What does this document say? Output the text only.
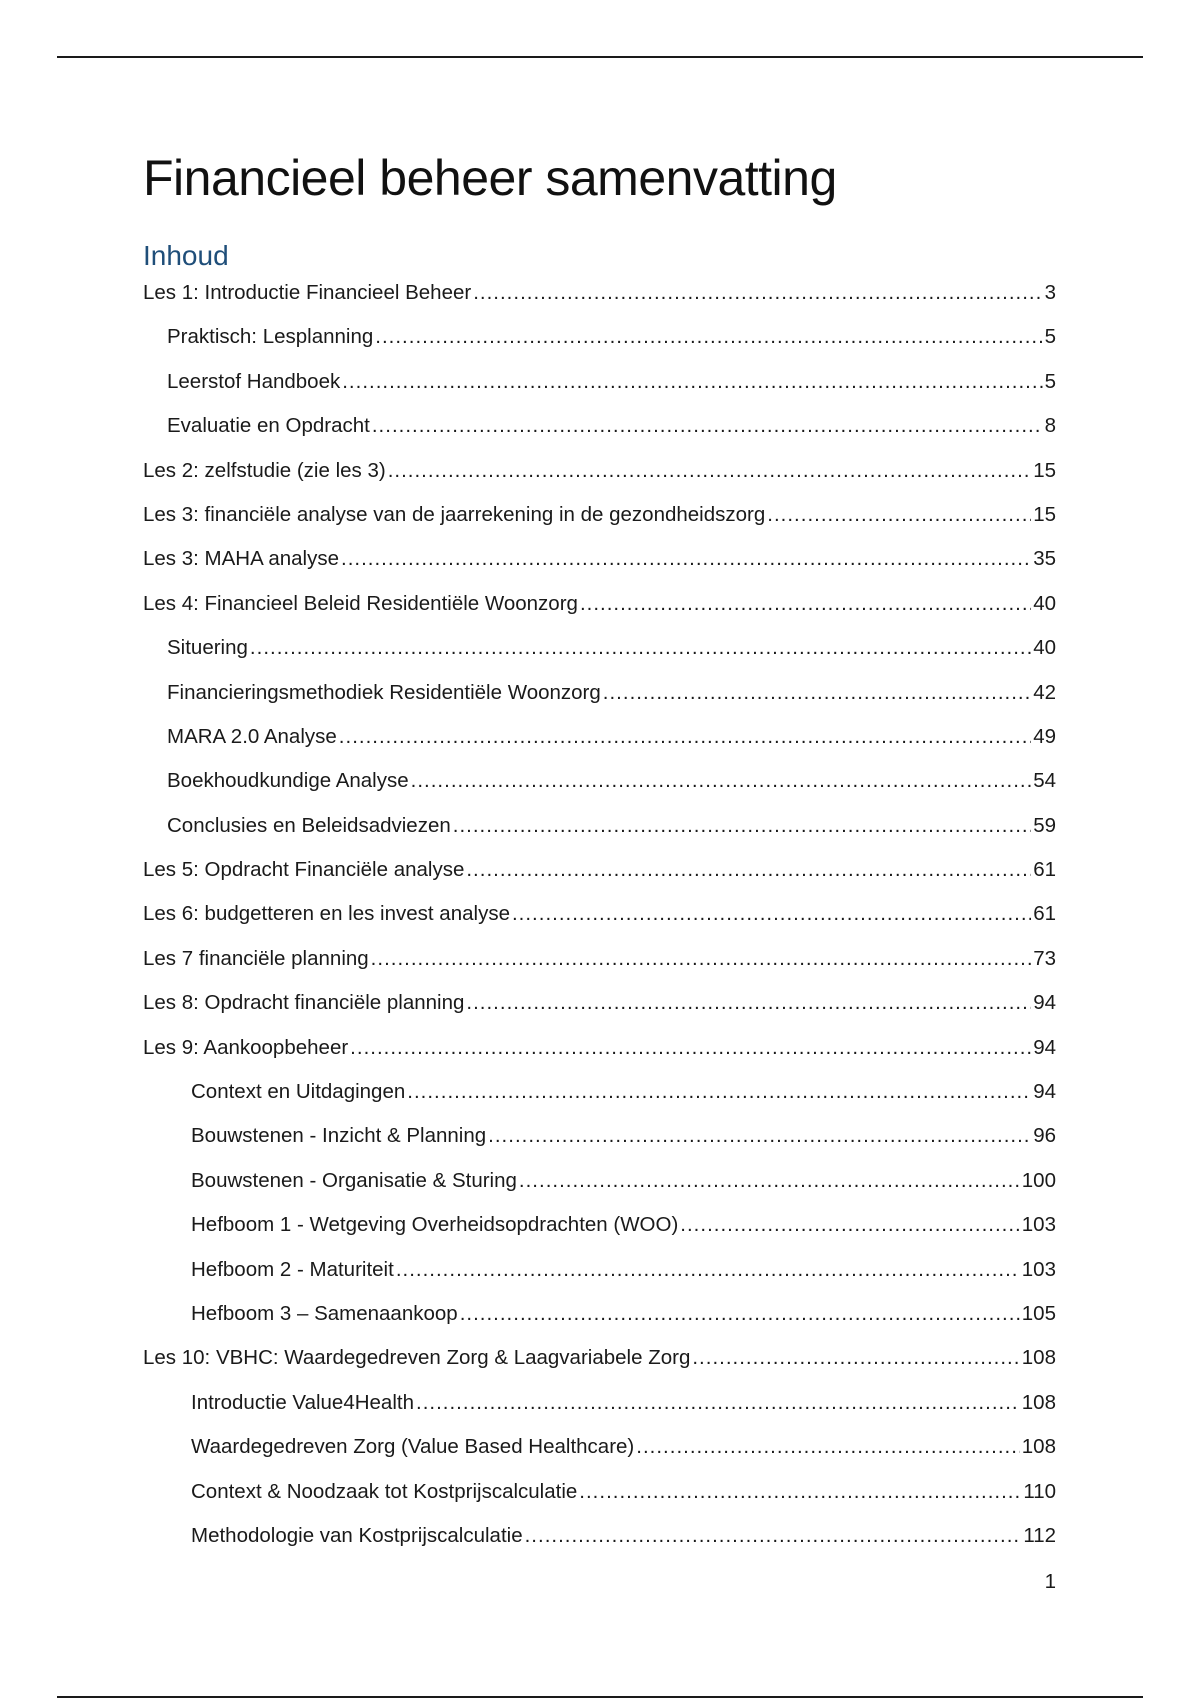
Financieel beheer samenvatting
Inhoud
Les 1: Introductie Financieel Beheer .....	3
Praktisch: Lesplanning .....	5
Leerstof Handboek .....	5
Evaluatie en Opdracht .....	8
Les 2: zelfstudie (zie les 3) .....	15
Les 3: financiële analyse van de jaarrekening in de gezondheidszorg .....	15
Les 3: MAHA analyse .....	35
Les 4: Financieel Beleid Residentiële Woonzorg .....	40
Situering .....	40
Financieringsmethodiek Residentiële Woonzorg .....	42
MARA 2.0 Analyse .....	49
Boekhoudkundige Analyse .....	54
Conclusies en Beleidsadviezen .....	59
Les 5: Opdracht Financiële analyse .....	61
Les 6: budgetteren en les invest analyse .....	61
Les 7 financiële planning .....	73
Les 8: Opdracht financiële planning .....	94
Les 9: Aankoopbeheer .....	94
Context en Uitdagingen .....	94
Bouwstenen - Inzicht & Planning .....	96
Bouwstenen - Organisatie & Sturing .....	100
Hefboom 1 - Wetgeving Overheidsopdrachten (WOO) .....	103
Hefboom 2 - Maturiteit .....	103
Hefboom 3 – Samenaankoop .....	105
Les 10: VBHC: Waardegedreven Zorg & Laagvariabele Zorg .....	108
Introductie Value4Health .....	108
Waardegedreven Zorg (Value Based Healthcare) .....	108
Context & Noodzaak tot Kostprijscalculatie .....	110
Methodologie van Kostprijscalculatie .....	112
1
